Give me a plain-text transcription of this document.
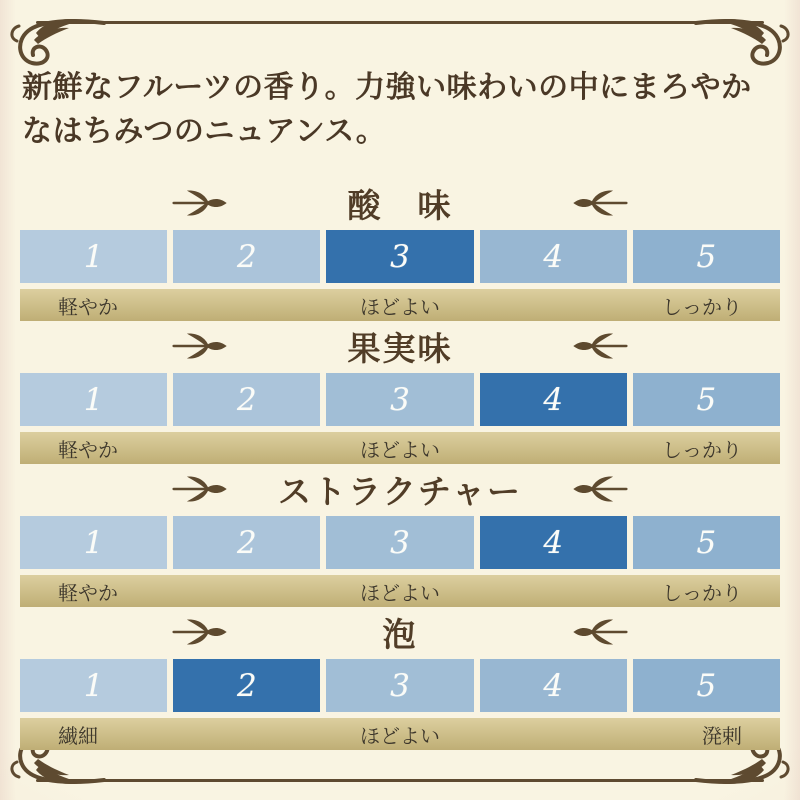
新鮮なフルーツの香り。力強い味わいの中にまろやかなはちみつのニュアンス。
酸　味
1	2	3	4	5
軽やか	ほどよい	しっかり
果実味
1	2	3	4	5
軽やか	ほどよい	しっかり
ストラクチャー
1	2	3	4	5
軽やか	ほどよい	しっかり
泡
1	2	3	4	5
繊細	ほどよい	溌剌
